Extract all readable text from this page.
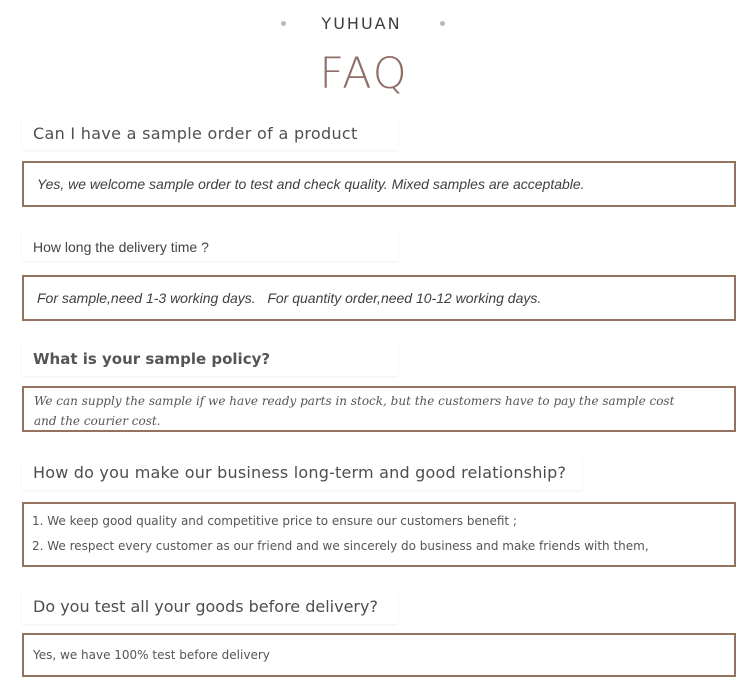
YUHUAN
FAQ
Can I have a sample order of a product
Yes, we welcome sample order to test and check quality. Mixed samples are acceptable.
How long the delivery time ?
For sample,need 1-3 working days.   For quantity order,need 10-12 working days.
What is your sample policy?
We can supply the sample if we have ready parts in stock, but the customers have to pay the sample cost and the courier cost.
How do you make our business long-term and good relationship?
1. We keep good quality and competitive price to ensure our customers benefit ;
2. We respect every customer as our friend and we sincerely do business and make friends with them,
Do you test all your goods before delivery?
Yes, we have 100% test before delivery
